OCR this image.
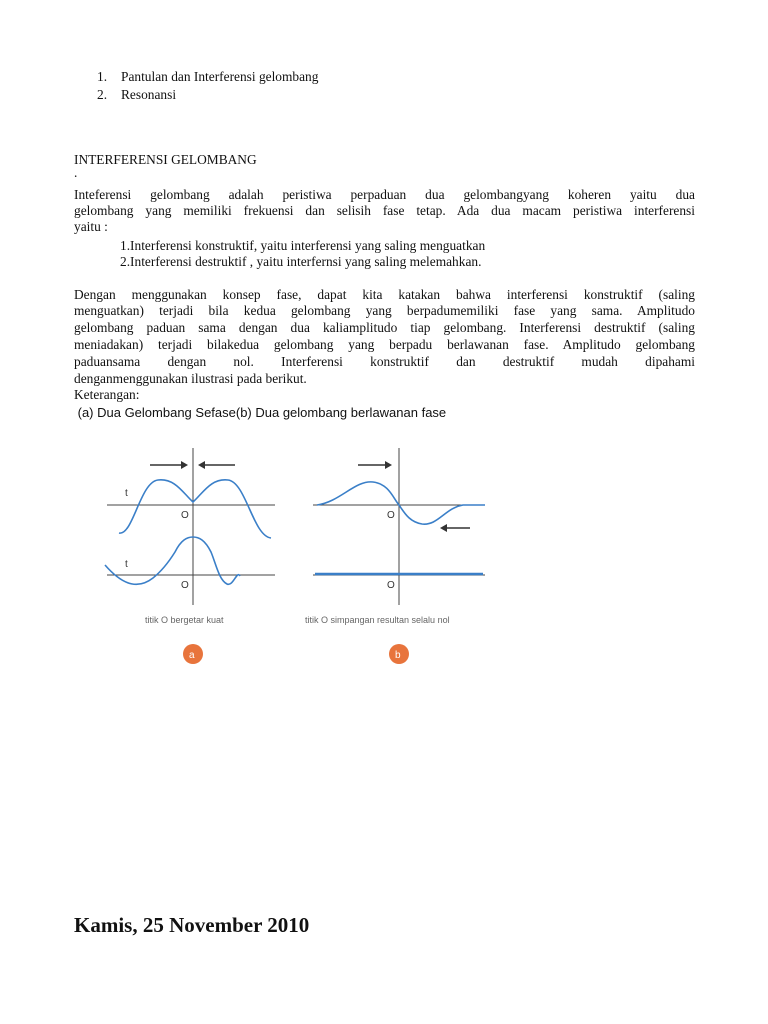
1. Pantulan dan Interferensi gelombang
2. Resonansi
INTERFERENSI GELOMBANG
.
Inteferensi gelombang adalah peristiwa perpaduan dua gelombangyang koheren yaitu dua
gelombang yang memiliki frekuensi dan selisih fase tetap. Ada dua macam peristiwa interferensi
yaitu :
1.Interferensi konstruktif, yaitu interferensi yang saling menguatkan
2.Interferensi destruktif , yaitu interfernsi yang saling melemahkan.
Dengan menggunakan konsep fase, dapat kita katakan bahwa interferensi konstruktif (saling
menguatkan) terjadi bila kedua gelombang yang berpadumemiliki fase yang sama. Amplitudo
gelombang paduan sama dengan dua kaliamplitudo tiap gelombang. Interferensi destruktif (saling
meniadakan) terjadi bilakedua gelombang yang berpadu berlawanan fase. Amplitudo gelombang
paduansama dengan nol. Interferensi konstruktif dan destruktif mudah dipahami
denganmenggunakan ilustrasi pada berikut.
Keterangan:
(a) Dua Gelombang Sefase(b) Dua gelombang berlawanan fase
t
t
O
O
titik O bergetar kuat
a
O
O
titik O simpangan resultan selalu nol
b
Kamis, 25 November 2010
